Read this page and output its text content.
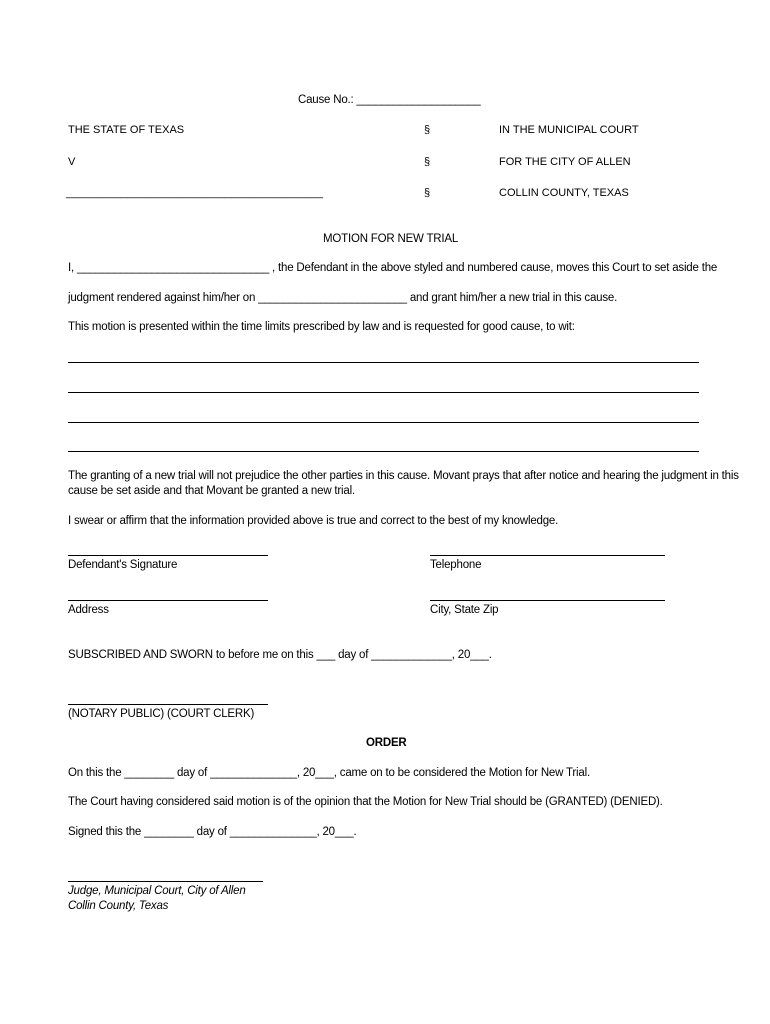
Cause No.: ____________________
THE STATE OF TEXAS
V
__________________________________________
§
§
§
IN THE MUNICIPAL COURT
FOR THE CITY OF ALLEN
COLLIN COUNTY, TEXAS
MOTION FOR NEW TRIAL
I, _______________________________ , the Defendant in the above styled and numbered cause, moves this Court to set aside the
judgment rendered against him/her on ________________________ and grant him/her a new trial in this cause.
This motion is presented within the time limits prescribed by law and is requested for good cause, to wit:
The granting of a new trial will not prejudice the other parties in this cause. Movant prays that after notice and hearing the judgment in this
cause be set aside and that Movant be granted a new trial.
I swear or affirm that the information provided above is true and correct to the best of my knowledge.
Defendant's Signature	Telephone
Address	City, State Zip
SUBSCRIBED AND SWORN to before me on this ___ day of _____________, 20___.
(NOTARY PUBLIC) (COURT CLERK)
ORDER
On this the ________ day of ______________, 20___, came on to be considered the Motion for New Trial.
The Court having considered said motion is of the opinion that the Motion for New Trial should be (GRANTED) (DENIED).
Signed this the ________ day of ______________, 20___.
Judge, Municipal Court, City of Allen
Collin County, Texas
